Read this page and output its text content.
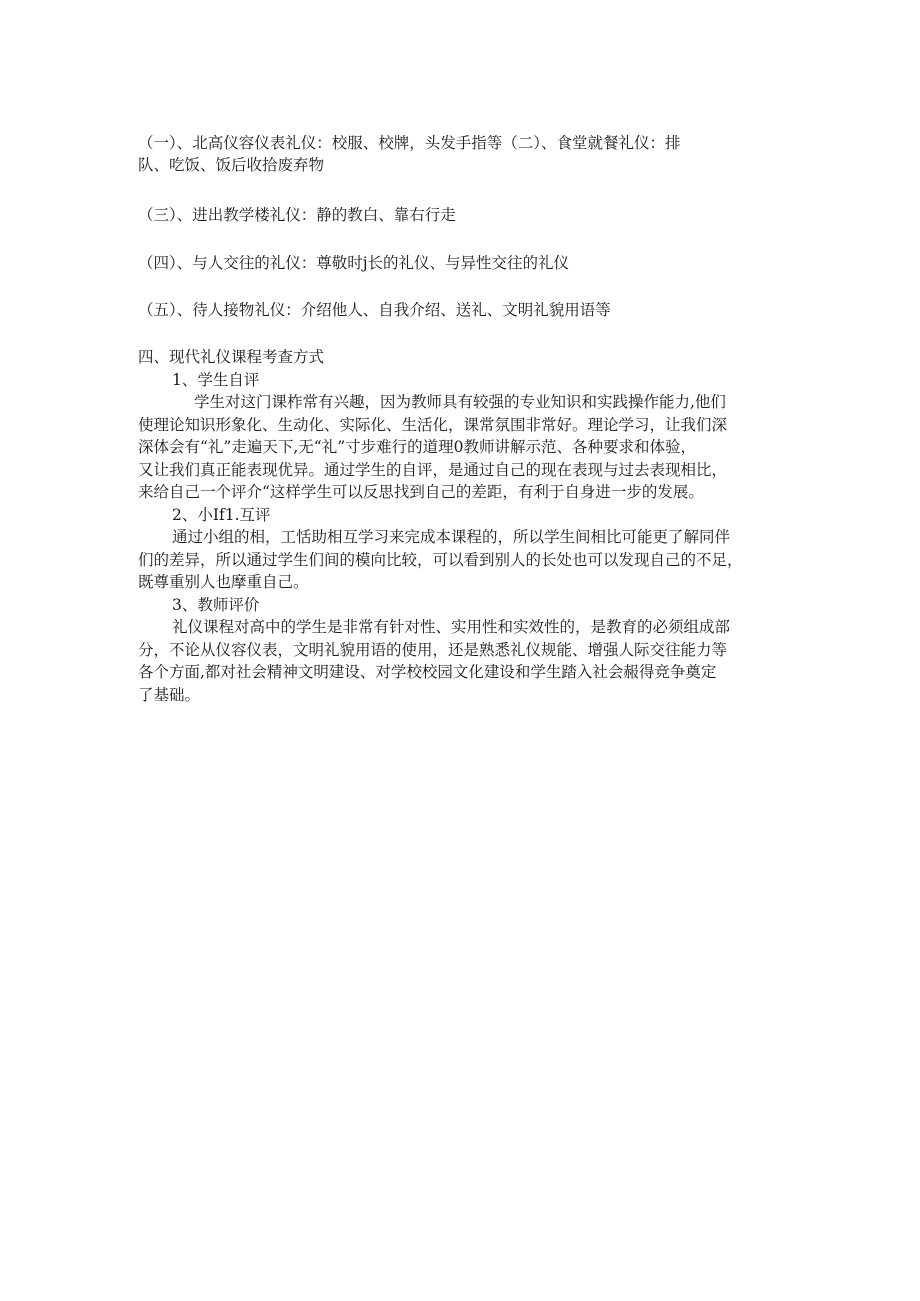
（一）、北高仪容仪表礼仪：校服、校牌，头发手指等（二）、食堂就餐礼仪：排

队、吃饭、饭后收拾废弃物

（三）、进出教学楼礼仪：静的教白、靠右行走

（四）、与人交往的礼仪：尊敬时j长的礼仪、与异性交往的礼仪

（五）、待人接物礼仪：介绍他人、自我介绍、送礼、文明礼貌用语等

四、现代礼仪课程考查方式

1、学生自评

学生对这门课柞常有兴趣，因为教师具有较强的专业知识和实践操作能力,他们

使理论知识形象化、生动化、实际化、生活化，课常氛围非常好。理论学习，让我们深

深体会有“礼”走遍天下,无“礼”寸步难行的道理0教师讲解示范、各种要求和体验，

又让我们真正能表现优异。通过学生的自评，是通过自己的现在表现与过去表现相比，

来给自己一个评介“这样学生可以反思找到自己的差距，有利于自身进一步的发展。

2、小If1.互评

通过小组的相，工恬助相互学习来完成本课程的，所以学生间相比可能更了解同伴

们的差异，所以通过学生们间的模向比较，可以看到别人的长处也可以发现自己的不足，

既尊重别人也摩重自己。

3、教师评价

礼仪课程对高中的学生是非常有针对性、实用性和实效性的，是教育的必须组成部

分，不论从仪容仪表，文明礼貌用语的使用，还是熟悉礼仪规能、增强人际交往能力等

各个方面,都对社会精神文明建设、对学校校园文化建设和学生踏入社会赧得竞争奠定

了基础。
